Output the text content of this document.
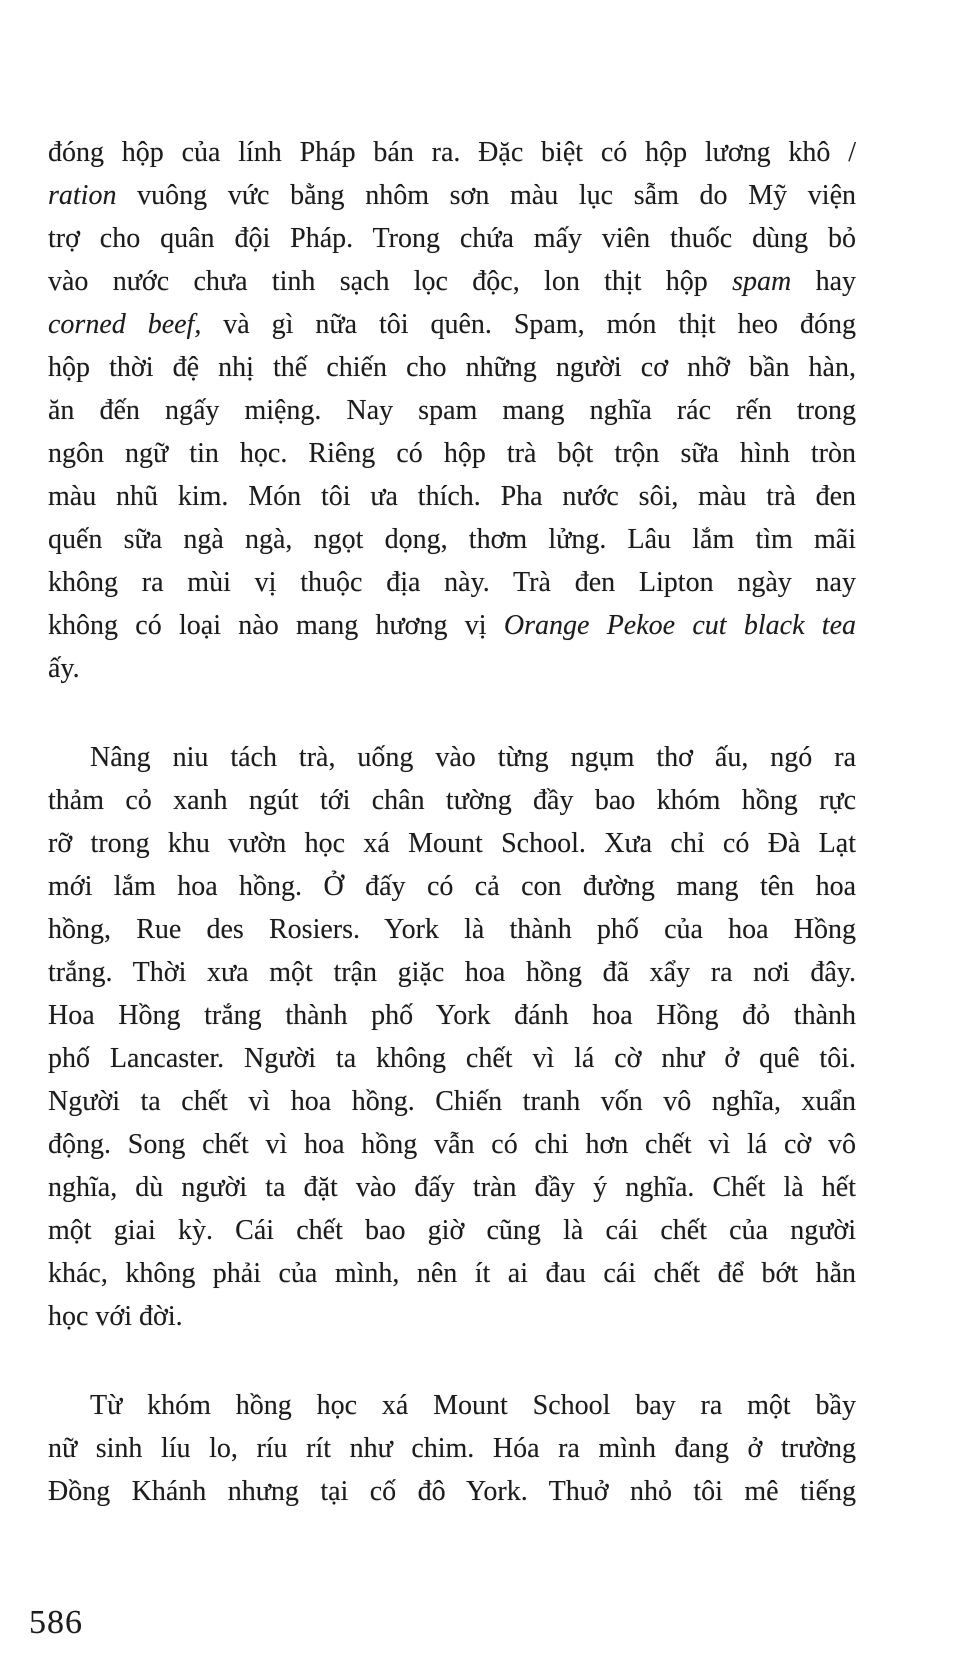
đóng hộp của lính Pháp bán ra. Đặc biệt có hộp lương khô /
ration vuông vức bằng nhôm sơn màu lục sẫm do Mỹ viện
trợ cho quân đội Pháp. Trong chứa mấy viên thuốc dùng bỏ
vào nước chưa tinh sạch lọc độc, lon thịt hộp spam hay
corned beef, và gì nữa tôi quên. Spam, món thịt heo đóng
hộp thời đệ nhị thế chiến cho những người cơ nhỡ bần hàn,
ăn đến ngấy miệng. Nay spam mang nghĩa rác rến trong
ngôn ngữ tin học. Riêng có hộp trà bột trộn sữa hình tròn
màu nhũ kim. Món tôi ưa thích. Pha nước sôi, màu trà đen
quến sữa ngà ngà, ngọt dọng, thơm lửng. Lâu lắm tìm mãi
không ra mùi vị thuộc địa này. Trà đen Lipton ngày nay
không có loại nào mang hương vị Orange Pekoe cut black tea
ấy.
Nâng niu tách trà, uống vào từng ngụm thơ ấu, ngó ra
thảm cỏ xanh ngút tới chân tường đầy bao khóm hồng rực
rỡ trong khu vườn học xá Mount School. Xưa chỉ có Đà Lạt
mới lắm hoa hồng. Ở đấy có cả con đường mang tên hoa
hồng, Rue des Rosiers. York là thành phố của hoa Hồng
trắng. Thời xưa một trận giặc hoa hồng đã xẩy ra nơi đây.
Hoa Hồng trắng thành phố York đánh hoa Hồng đỏ thành
phố Lancaster. Người ta không chết vì lá cờ như ở quê tôi.
Người ta chết vì hoa hồng. Chiến tranh vốn vô nghĩa, xuẩn
động. Song chết vì hoa hồng vẫn có chi hơn chết vì lá cờ vô
nghĩa, dù người ta đặt vào đấy tràn đầy ý nghĩa. Chết là hết
một giai kỳ. Cái chết bao giờ cũng là cái chết của người
khác, không phải của mình, nên ít ai đau cái chết để bớt hằn
học với đời.
Từ khóm hồng học xá Mount School bay ra một bầy
nữ sinh líu lo, ríu rít như chim. Hóa ra mình đang ở trường
Đồng Khánh nhưng tại cố đô York. Thuở nhỏ tôi mê tiếng
586
